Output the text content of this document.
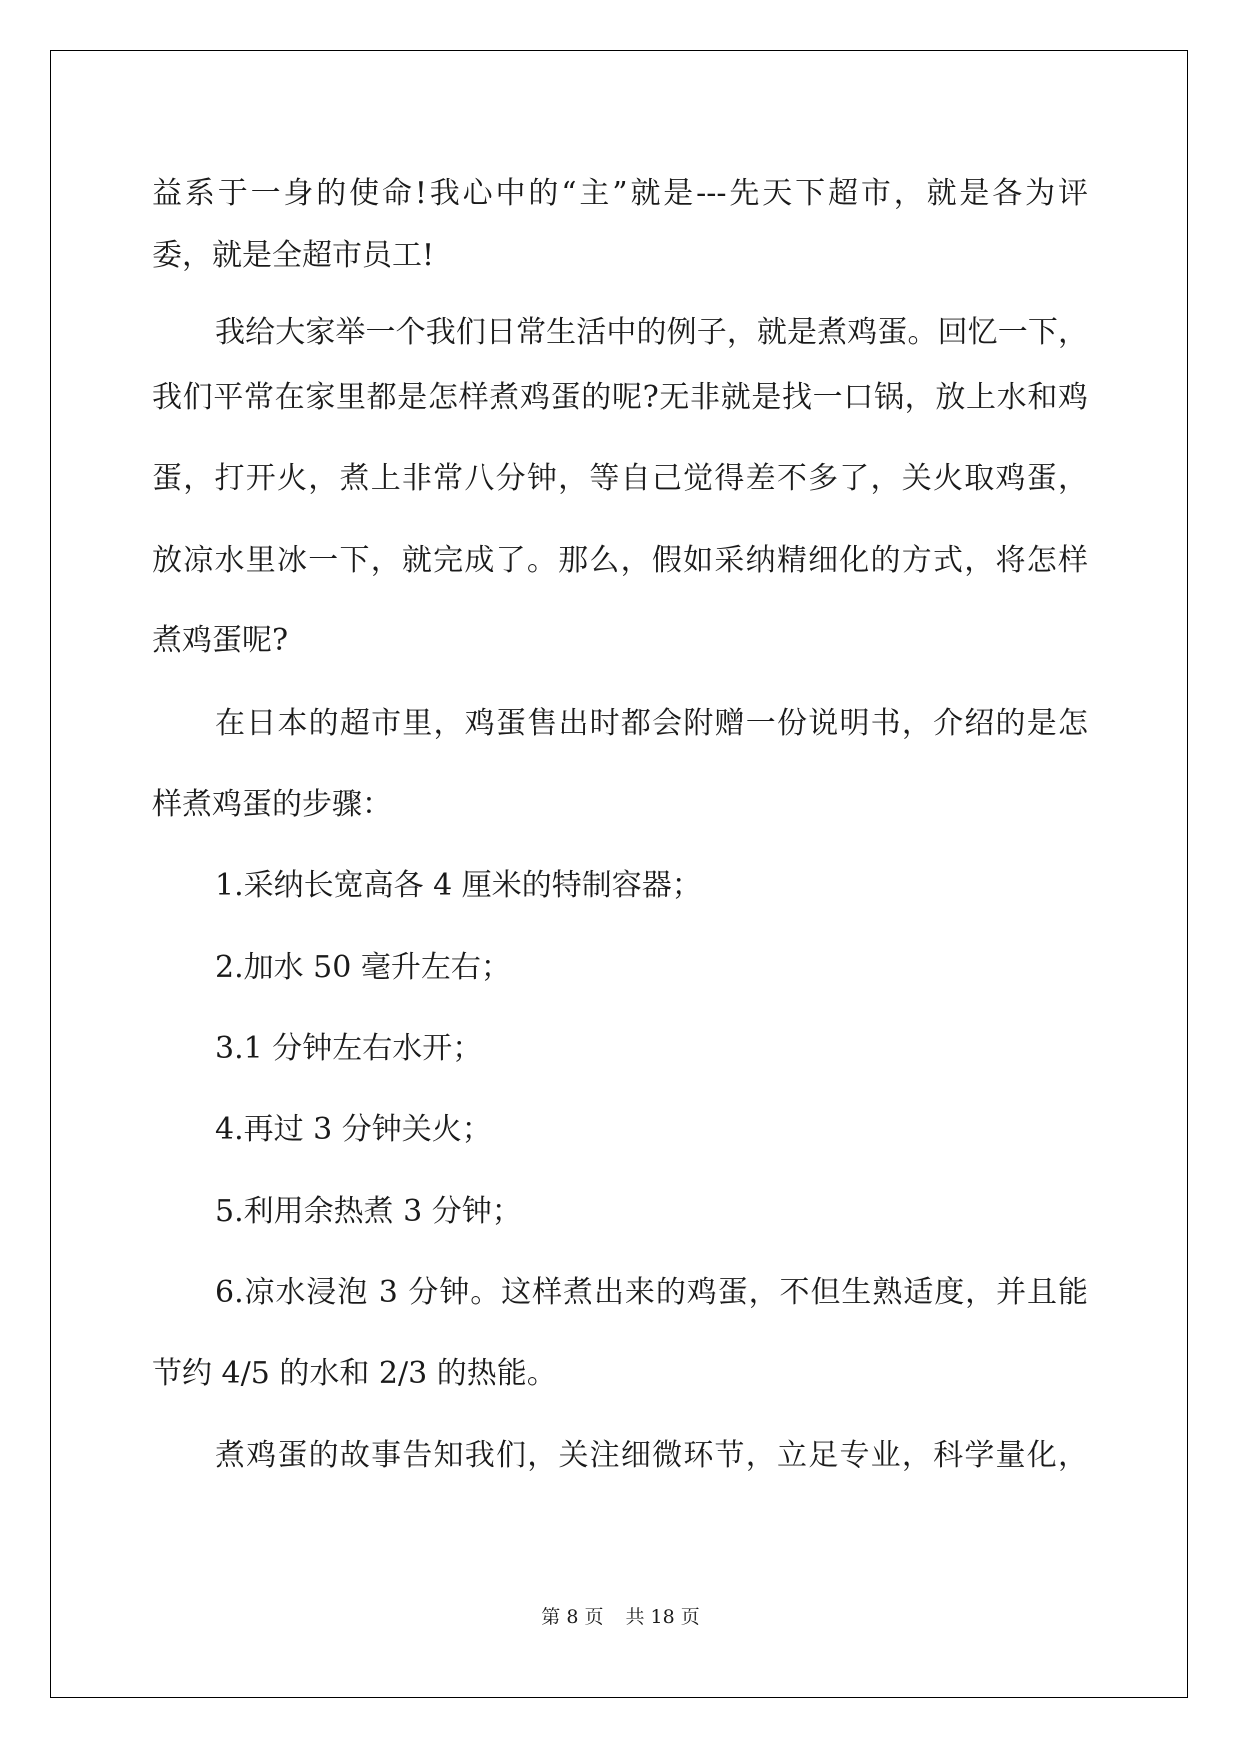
益系于一身的使命!我心中的“主”就是---先天下超市，就是各为评
委，就是全超市员工!
我给大家举一个我们日常生活中的例子，就是煮鸡蛋。回忆一下，
我们平常在家里都是怎样煮鸡蛋的呢?无非就是找一口锅，放上水和鸡
蛋，打开火，煮上非常八分钟，等自己觉得差不多了，关火取鸡蛋，
放凉水里冰一下，就完成了。那么，假如采纳精细化的方式，将怎样
煮鸡蛋呢?
在日本的超市里，鸡蛋售出时都会附赠一份说明书，介绍的是怎
样煮鸡蛋的步骤：
1.采纳长宽高各 4 厘米的特制容器；
2.加水 50 毫升左右；
3.1 分钟左右水开；
4.再过 3 分钟关火；
5.利用余热煮 3 分钟；
6.凉水浸泡 3 分钟。这样煮出来的鸡蛋，不但生熟适度，并且能
节约 4/5 的水和 2/3 的热能。
煮鸡蛋的故事告知我们，关注细微环节，立足专业，科学量化，
第 8 页 共 18 页
